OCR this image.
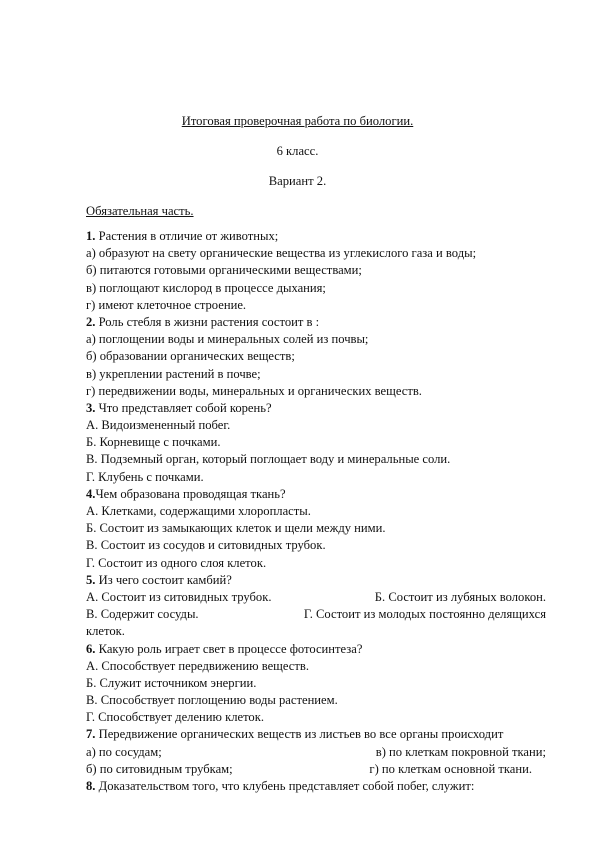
Итоговая проверочная работа по биологии.
6 класс.
Вариант 2.
Обязательная часть.
1. Растения в отличие от животных;
а) образуют на свету органические вещества из углекислого газа и воды;
б) питаются готовыми органическими веществами;
в) поглощают кислород в процессе дыхания;
г) имеют клеточное строение.
2. Роль стебля в жизни растения состоит в :
а) поглощении воды и минеральных солей из почвы;
б) образовании органических веществ;
в) укреплении растений в почве;
г) передвижении воды, минеральных и органических веществ.
3. Что представляет собой корень?
А. Видоизмененный побег.
Б. Корневище с почками.
В. Подземный орган, который поглощает воду и минеральные соли.
Г. Клубень с почками.
4.Чем образована проводящая ткань?
А. Клетками, содержащими хлоропласты.
Б. Состоит из замыкающих клеток и щели между ними.
В. Состоит из сосудов и ситовидных трубок.
Г. Состоит из одного слоя клеток.
5. Из чего состоит камбий?
А. Состоит из ситовидных трубок.	Б. Состоит из лубяных волокон.
В. Содержит сосуды.	Г. Состоит из молодых постоянно делящихся
клеток.
6. Какую роль играет свет в процессе фотосинтеза?
А. Способствует передвижению веществ.
Б. Служит источником энергии.
В. Способствует поглощению воды растением.
Г. Способствует делению клеток.
7. Передвижение органических веществ из листьев во все органы происходит
а) по сосудам;	в) по клеткам покровной ткани;
б) по ситовидным трубкам;	г) по клеткам основной ткани.
8. Доказательством того, что клубень представляет собой побег, служит:
